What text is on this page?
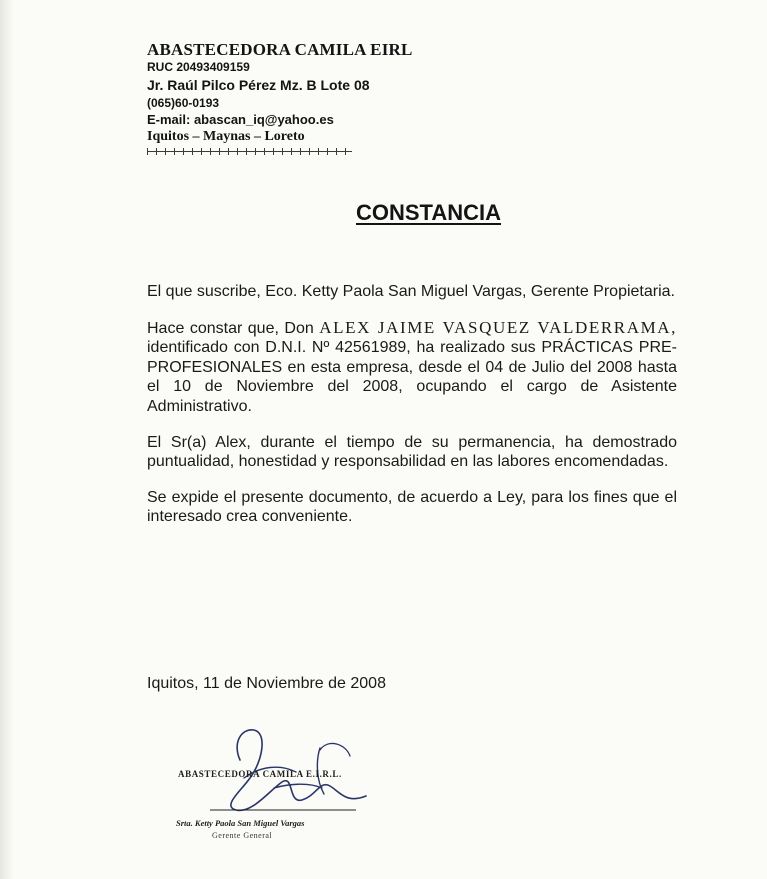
ABASTECEDORA CAMILA EIRL
RUC 20493409159
Jr. Raúl Pilco Pérez Mz. B Lote 08
(065)60-0193
E-mail: abascan_iq@yahoo.es
Iquitos – Maynas – Loreto
CONSTANCIA

El que suscribe, Eco. Ketty Paola San Miguel Vargas, Gerente Propietaria.

Hace constar que, Don ALEX JAIME VASQUEZ VALDERRAMA, identificado con D.N.I. Nº 42561989, ha realizado sus PRÁCTICAS PRE-PROFESIONALES en esta empresa, desde el 04 de Julio del 2008 hasta el 10 de Noviembre del 2008, ocupando el cargo de Asistente Administrativo.

El Sr(a) Alex, durante el tiempo de su permanencia, ha demostrado puntualidad, honestidad y responsabilidad en las labores encomendadas.

Se expide el presente documento, de acuerdo a Ley, para los fines que el interesado crea conveniente.

Iquitos, 11 de Noviembre de 2008
ABASTECEDORA CAMILA E.I.R.L.
Srta. Ketty Paola San Miguel Vargas
Gerente General
